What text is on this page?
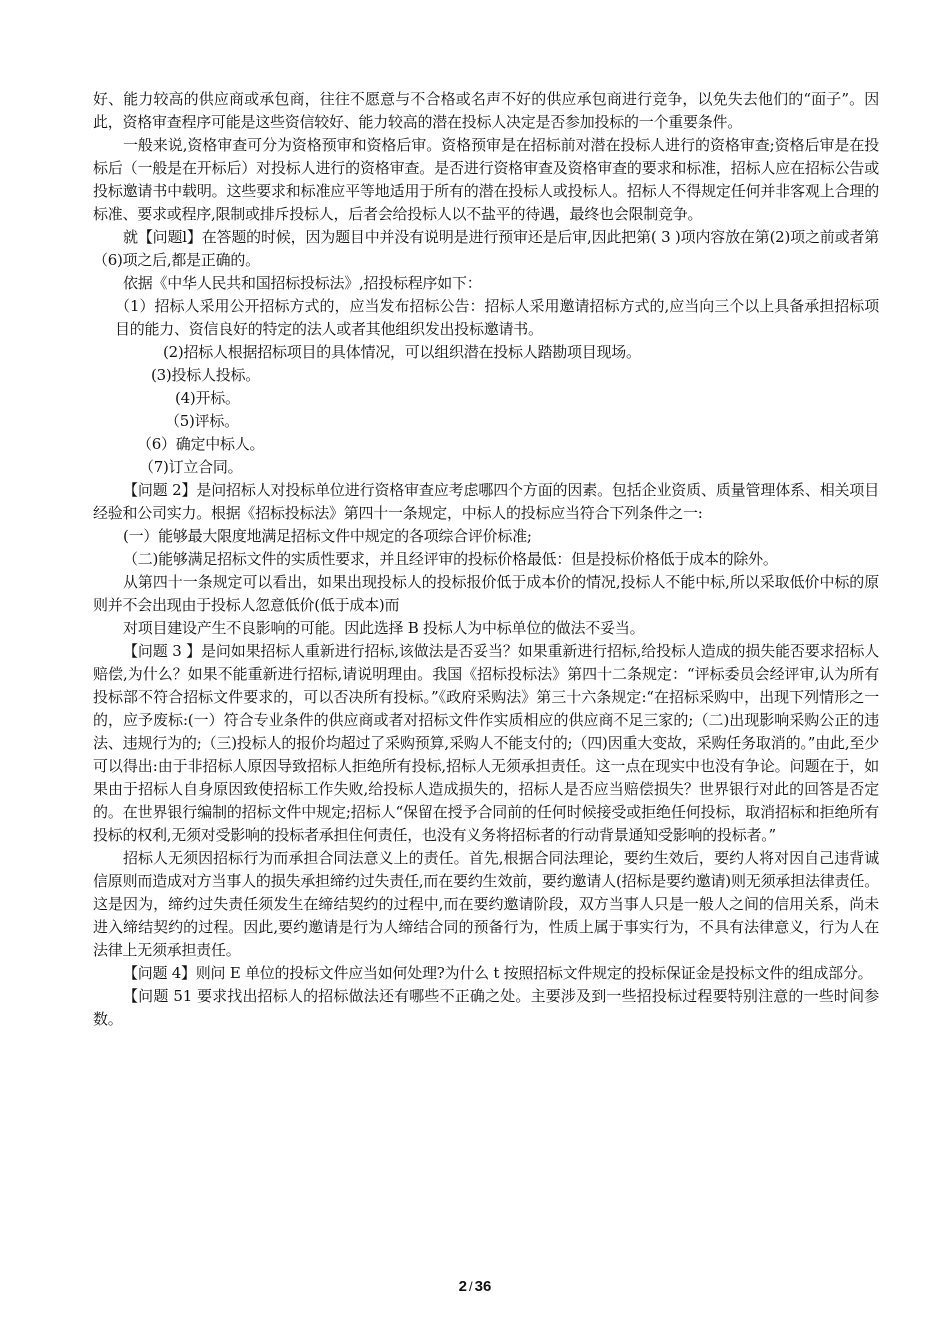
好、能力较高的供应商或承包商，往往不愿意与不合格或名声不好的供应承包商进行竞争，以免失去他们的“面子”。因此，资格审查程序可能是这些资信较好、能力较高的潜在投标人决定是否参加投标的一个重要条件。

一般来说,资格审查可分为资格预审和资格后审。资格预审是在招标前对潜在投标人进行的资格审查;资格后审是在投标后（一般是在开标后）对投标人进行的资格审查。是否进行资格审查及资格审查的要求和标准，招标人应在招标公告或投标邀请书中载明。这些要求和标准应平等地适用于所有的潜在投标人或投标人。招标人不得规定任何并非客观上合理的标准、要求或程序,限制或排斥投标人，后者会给投标人以不盐平的待遇，最终也会限制竞争。

就【问题l】在答题的时候，因为题目中并没有说明是进行预审还是后审,因此把第( 3 )项内容放在第(2)项之前或者第（6)项之后,都是正确的。

依据《中华人民共和国招标投标法》,招投标程序如下：

（1）招标人采用公开招标方式的，应当发布招标公告：招标人采用邀请招标方式的,应当向三个以上具备承担招标项目的能力、资信良好的特定的法人或者其他组织发出投标邀请书。

(2)招标人根据招标项目的具体情况，可以组织潜在投标人踏勘项目现场。

(3)投标人投标。

(4)开标。

（5)评标。

（6）确定中标人。

（7)订立合同。

【问题 2】是问招标人对投标单位进行资格审查应考虑哪四个方面的因素。包括企业资质、质量管理体系、相关项目经验和公司实力。根据《招标投标法》第四十一条规定，中标人的投标应当符合下列条件之一:

(一）能够最大限度地满足招标文件中规定的各项综合评价标准;

（二)能够满足招标文件的实质性要求，并且经评审的投标价格最低：但是投标价格低于成本的除外。

从第四十一条规定可以看出，如果出现投标人的投标报价低于成本价的情况,投标人不能中标,所以采取低价中标的原则并不会出现由于投标人忽意低价(低于成本)而

对项目建设产生不良影响的可能。因此选择 B 投标人为中标单位的做法不妥当。

【问题 3 】是问如果招标人重新进行招标,该做法是否妥当？如果重新进行招标,给投标人造成的损失能否要求招标人赔偿,为什么？如果不能重新进行招标,请说明理由。我国《招标投标法》第四十二条规定：“评标委员会经评审,认为所有投标部不符合招标文件要求的，可以否决所有投标。”《政府采购法》第三十六条规定:“在招标采购中，出现下列情形之一的，应予废标:(一）符合专业条件的供应商或者对招标文件作实质相应的供应商不足三家的;（二)出现影响采购公正的违法、违规行为的;（三)投标人的报价均超过了采购预算,采购人不能支付的;（四)因重大变故，采购任务取消的。”由此,至少可以得出:由于非招标人原因导致招标人拒绝所有投标,招标人无须承担责任。这一点在现实中也没有争论。问题在于，如果由于招标人自身原因致使招标工作失败,给投标人造成损失的，招标人是否应当赔偿损失？世界银行对此的回答是否定的。在世界银行编制的招标文件中规定;招标人“保留在授予合同前的任何时候接受或拒绝任何投标，取消招标和拒绝所有投标的权利,无须对受影响的投标者承担住何责任，也没有义务将招标者的行动背景通知受影响的投标者。”

招标人无须因招标行为而承担合同法意义上的责任。首先,根据合同法理论，要约生效后，要约人将对因自己违背诚信原则而造成对方当事人的损失承担缔约过失责任,而在要约生效前，要约邀请人(招标是要约邀请)则无须承担法律责任。这是因为，缔约过失责任须发生在缔结契约的过程中,而在要约邀请阶段，双方当事人只是一般人之间的信用关系，尚未进入缔结契约的过程。因此,要约邀请是行为人缔结合同的预备行为，性质上属于事实行为，不具有法律意义，行为人在法律上无须承担责任。

【问题 4】则问 E 单位的投标文件应当如何处理?为什么 t 按照招标文件规定的投标保证金是投标文件的组成部分。

【问题 51 要求找出招标人的招标做法还有哪些不正确之处。主要涉及到一些招投标过程要特别注意的一些时间参数。

2 / 36
